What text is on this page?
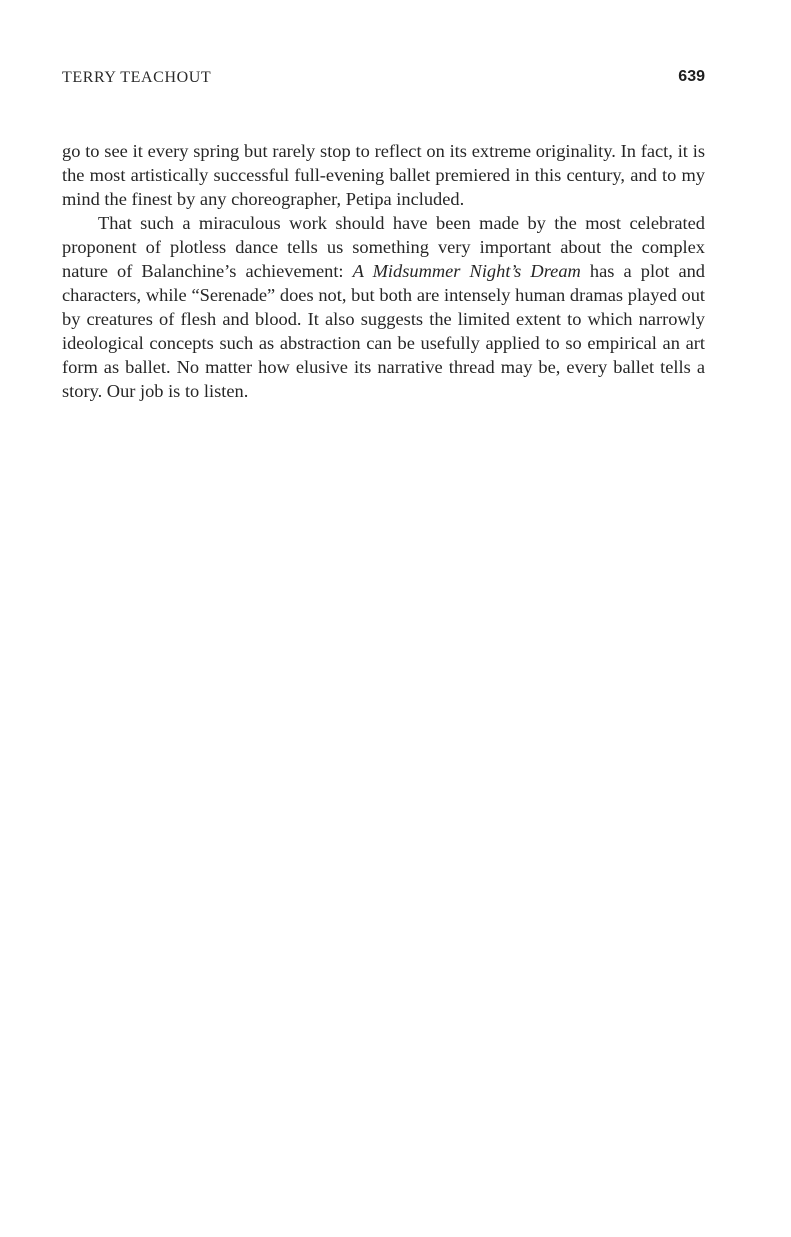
TERRY TEACHOUT	639

go to see it every spring but rarely stop to reflect on its extreme originality. In fact, it is the most artistically successful full-evening ballet premiered in this century, and to my mind the finest by any choreographer, Petipa included.

That such a miraculous work should have been made by the most celebrated proponent of plotless dance tells us something very important about the complex nature of Balanchine’s achievement: A Midsummer Night’s Dream has a plot and characters, while “Serenade” does not, but both are intensely human dramas played out by creatures of flesh and blood. It also suggests the limited extent to which narrowly ideological concepts such as abstraction can be usefully applied to so empirical an art form as ballet. No matter how elusive its narrative thread may be, every ballet tells a story. Our job is to listen.
